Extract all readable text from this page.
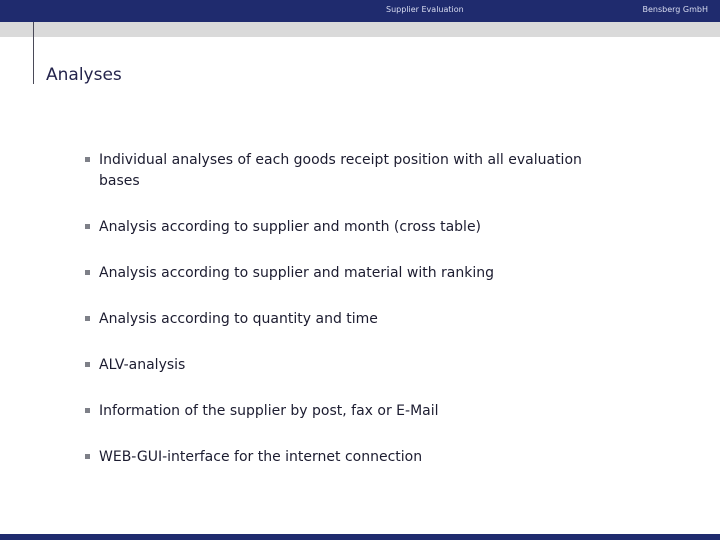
Supplier Evaluation	Bensberg GmbH
Analyses
Individual analyses of each goods receipt position with all evaluation bases
Analysis according to supplier and month (cross table)
Analysis according to supplier and material with ranking
Analysis according to quantity and time
ALV-analysis
Information of the supplier by post, fax or E-Mail
WEB-GUI-interface for the internet connection
